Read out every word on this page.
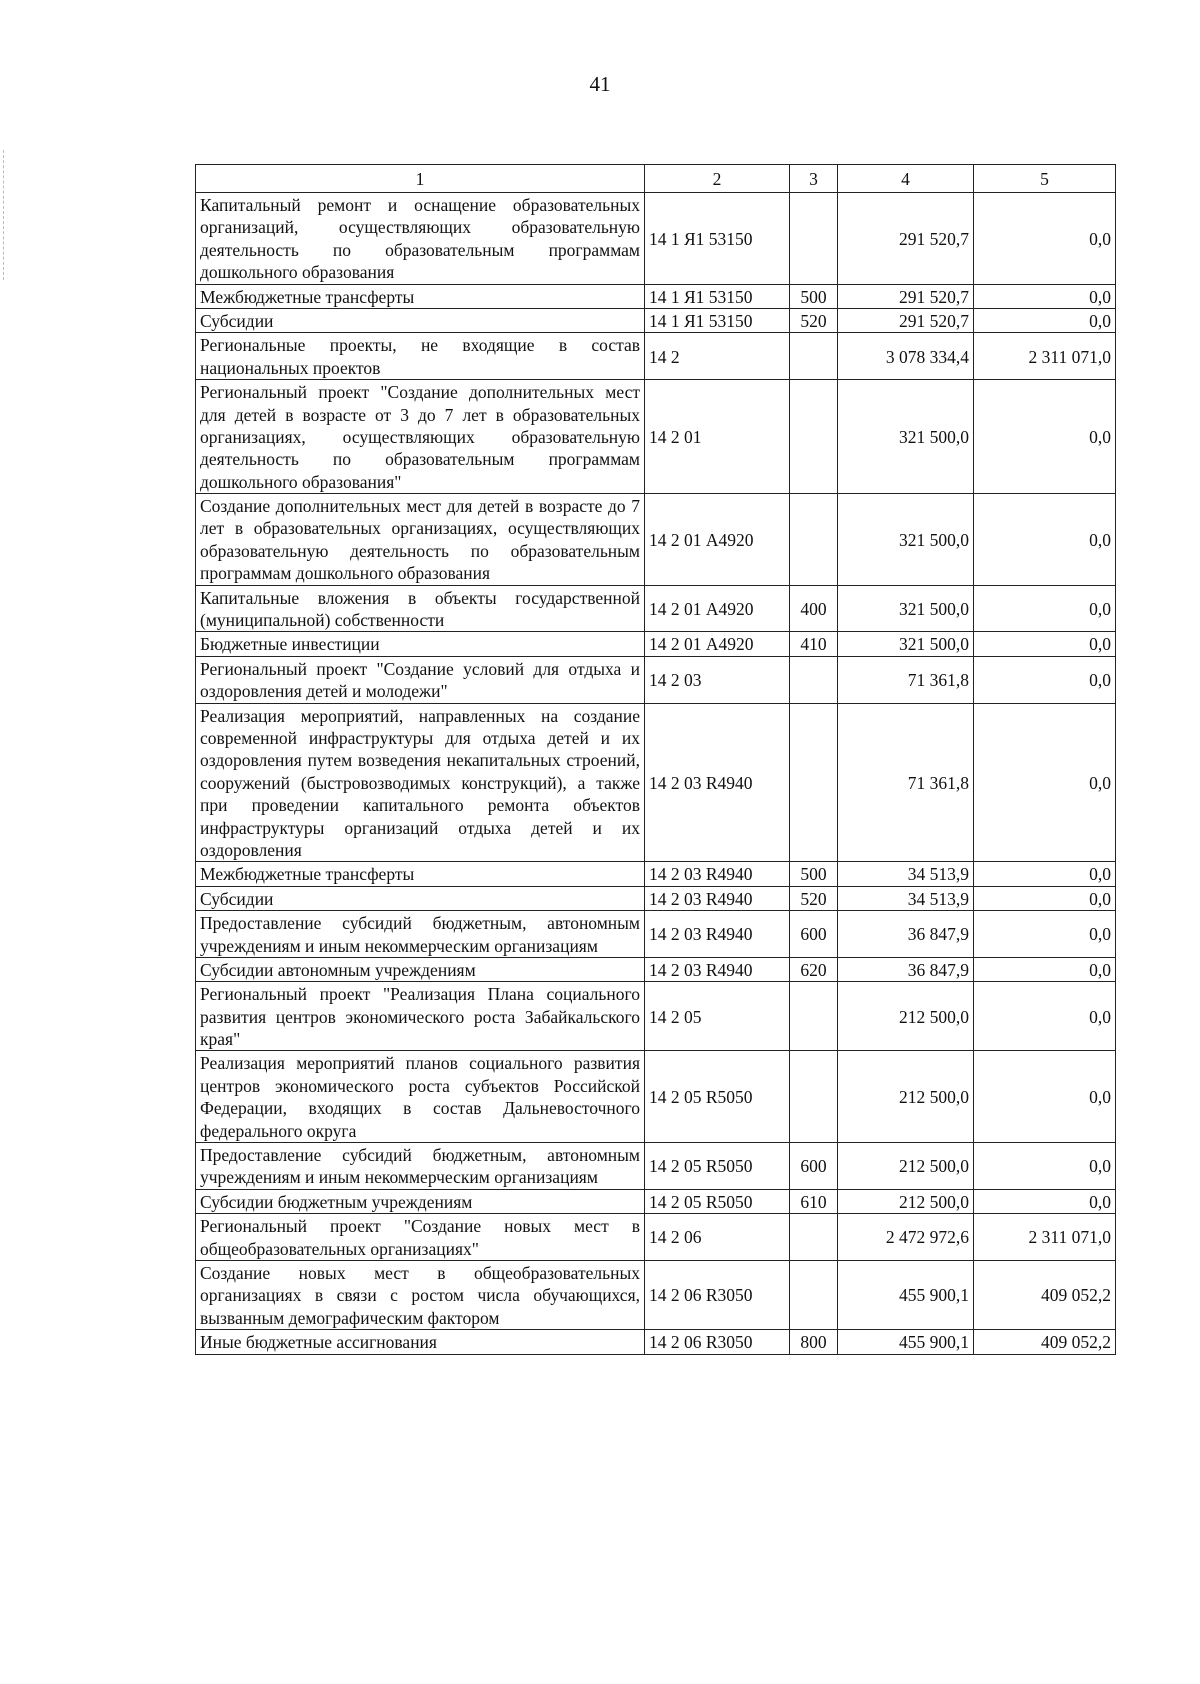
41
1	2	3	4	5
Капитальный ремонт и оснащение образовательных организаций, осуществляющих образовательную деятельность по образовательным программам дошкольного образования	14 1 Я1 53150		291 520,7	0,0
Межбюджетные трансферты	14 1 Я1 53150	500	291 520,7	0,0
Субсидии	14 1 Я1 53150	520	291 520,7	0,0
Региональные проекты, не входящие в состав национальных проектов	14 2		3 078 334,4	2 311 071,0
Региональный проект "Создание дополнительных мест для детей в возрасте от 3 до 7 лет в образовательных организациях, осуществляющих образовательную деятельность по образовательным программам дошкольного образования"	14 2 01		321 500,0	0,0
Создание дополнительных мест для детей в возрасте до 7 лет в образовательных организациях, осуществляющих образовательную деятельность по образовательным программам дошкольного образования	14 2 01 А4920		321 500,0	0,0
Капитальные вложения в объекты государственной (муниципальной) собственности	14 2 01 А4920	400	321 500,0	0,0
Бюджетные инвестиции	14 2 01 А4920	410	321 500,0	0,0
Региональный проект "Создание условий для отдыха и оздоровления детей и молодежи"	14 2 03		71 361,8	0,0
Реализация мероприятий, направленных на создание современной инфраструктуры для отдыха детей и их оздоровления путем возведения некапитальных строений, сооружений (быстровозводимых конструкций), а также при проведении капитального ремонта объектов инфраструктуры организаций отдыха детей и их оздоровления	14 2 03 R4940		71 361,8	0,0
Межбюджетные трансферты	14 2 03 R4940	500	34 513,9	0,0
Субсидии	14 2 03 R4940	520	34 513,9	0,0
Предоставление субсидий бюджетным, автономным учреждениям и иным некоммерческим организациям	14 2 03 R4940	600	36 847,9	0,0
Субсидии автономным учреждениям	14 2 03 R4940	620	36 847,9	0,0
Региональный проект "Реализация Плана социального развития центров экономического роста Забайкальского края"	14 2 05		212 500,0	0,0
Реализация мероприятий планов социального развития центров экономического роста субъектов Российской Федерации, входящих в состав Дальневосточного федерального округа	14 2 05 R5050		212 500,0	0,0
Предоставление субсидий бюджетным, автономным учреждениям и иным некоммерческим организациям	14 2 05 R5050	600	212 500,0	0,0
Субсидии бюджетным учреждениям	14 2 05 R5050	610	212 500,0	0,0
Региональный проект "Создание новых мест в общеобразовательных организациях"	14 2 06		2 472 972,6	2 311 071,0
Создание новых мест в общеобразовательных организациях в связи с ростом числа обучающихся, вызванным демографическим фактором	14 2 06 R3050		455 900,1	409 052,2
Иные бюджетные ассигнования	14 2 06 R3050	800	455 900,1	409 052,2
